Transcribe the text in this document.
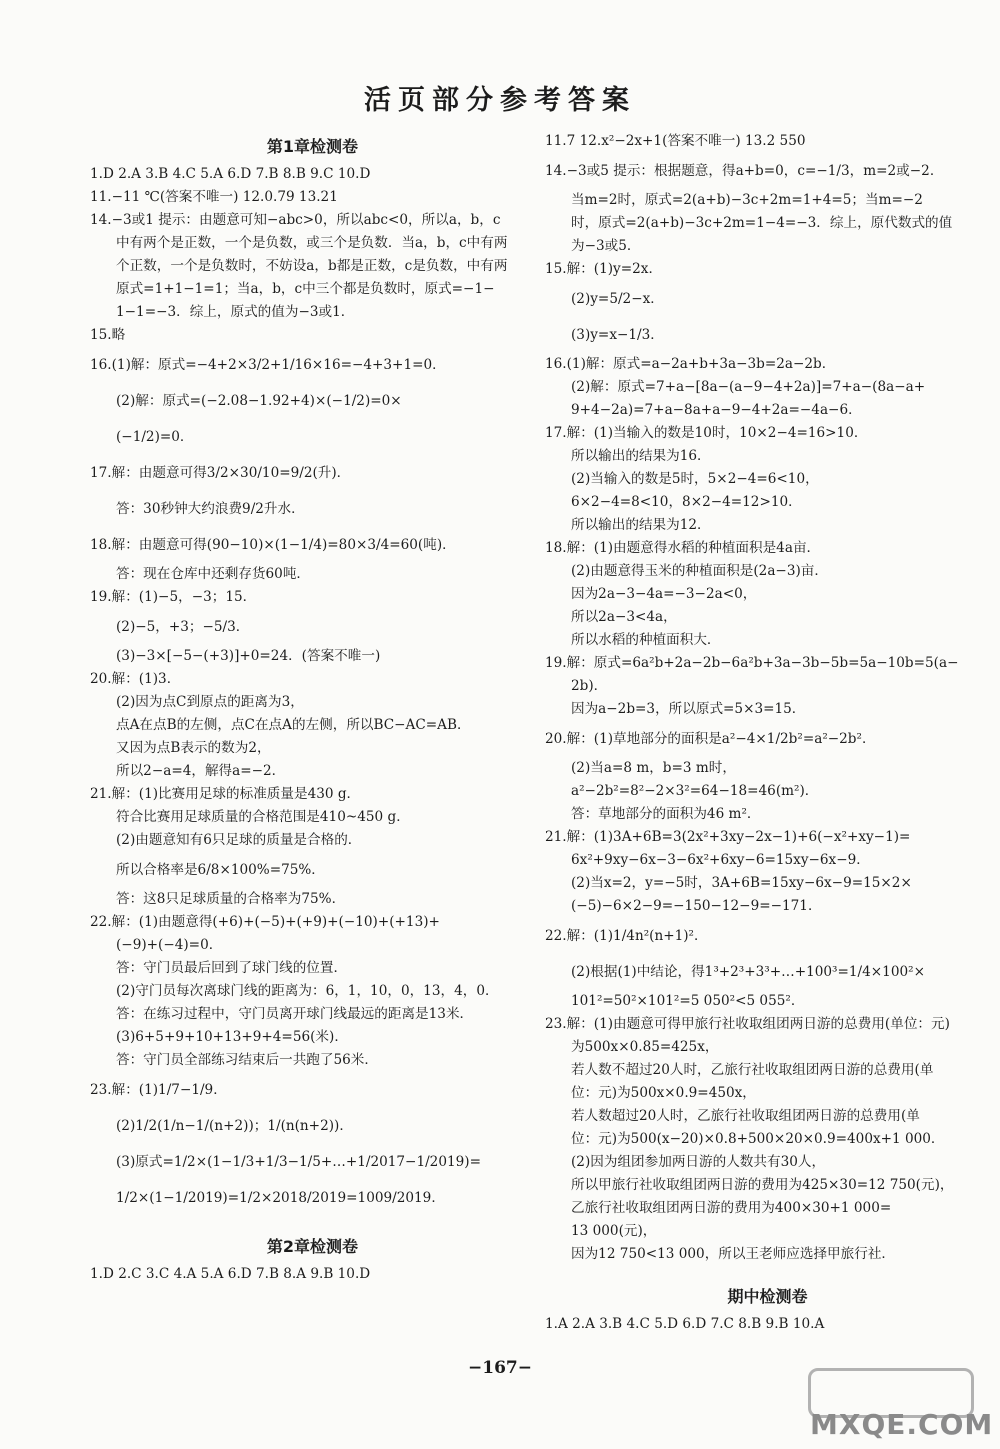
活页部分参考答案
第1章检测卷
1.D 2.A 3.B 4.C 5.A 6.D 7.B 8.B 9.C 10.D
11.−11 ℃(答案不唯一) 12.0.79 13.21
14.−3或1 提示：由题意可知−abc>0，所以abc<0，所以a，b，c
中有两个是正数，一个是负数，或三个是负数．当a，b，c中有两
个正数，一个是负数时，不妨设a，b都是正数，c是负数，中有两
原式=1+1−1=1；当a，b，c中三个都是负数时，原式=−1−
1−1=−3．综上，原式的值为−3或1．
15.略
16.(1)解：原式=−4+2×3/2+1/16×16=−4+3+1=0．
(2)解：原式=(−2.08−1.92+4)×(−1/2)=0×
(−1/2)=0．
17.解：由题意可得3/2×30/10=9/2(升)．
答：30秒钟大约浪费9/2升水．
18.解：由题意可得(90−10)×(1−1/4)=80×3/4=60(吨)．
答：现在仓库中还剩存货60吨．
19.解：(1)−5，−3；15．
(2)−5，+3；−5/3．
(3)−3×[−5−(+3)]+0=24．(答案不唯一)
20.解：(1)3．
(2)因为点C到原点的距离为3，
点A在点B的左侧，点C在点A的左侧，所以BC−AC=AB．
又因为点B表示的数为2，
所以2−a=4，解得a=−2．
21.解：(1)比赛用足球的标准质量是430 g．
符合比赛用足球质量的合格范围是410~450 g．
(2)由题意知有6只足球的质量是合格的．
所以合格率是6/8×100%=75%．
答：这8只足球质量的合格率为75%．
22.解：(1)由题意得(+6)+(−5)+(+9)+(−10)+(+13)+
(−9)+(−4)=0．
答：守门员最后回到了球门线的位置．
(2)守门员每次离球门线的距离为：6，1，10，0，13，4，0．
答：在练习过程中，守门员离开球门线最远的距离是13米．
(3)6+5+9+10+13+9+4=56(米)．
答：守门员全部练习结束后一共跑了56米．
23.解：(1)1/7−1/9．
(2)1/2(1/n−1/(n+2))；1/(n(n+2))．
(3)原式=1/2×(1−1/3+1/3−1/5+…+1/2017−1/2019)=
1/2×(1−1/2019)=1/2×2018/2019=1009/2019．
第2章检测卷
1.D 2.C 3.C 4.A 5.A 6.D 7.B 8.A 9.B 10.D
11.7 12.x²−2x+1(答案不唯一) 13.2 550
14.−3或5 提示：根据题意，得a+b=0，c=−1/3，m=2或−2．
当m=2时，原式=2(a+b)−3c+2m=1+4=5；当m=−2
时，原式=2(a+b)−3c+2m=1−4=−3．综上，原代数式的值
为−3或5．
15.解：(1)y=2x．
(2)y=5/2−x．
(3)y=x−1/3．
16.(1)解：原式=a−2a+b+3a−3b=2a−2b．
(2)解：原式=7+a−[8a−(a−9−4+2a)]=7+a−(8a−a+
9+4−2a)=7+a−8a+a−9−4+2a=−4a−6．
17.解：(1)当输入的数是10时，10×2−4=16>10．
所以输出的结果为16．
(2)当输入的数是5时，5×2−4=6<10，
6×2−4=8<10，8×2−4=12>10．
所以输出的结果为12．
18.解：(1)由题意得水稻的种植面积是4a亩．
(2)由题意得玉米的种植面积是(2a−3)亩．
因为2a−3−4a=−3−2a<0，
所以2a−3<4a，
所以水稻的种植面积大．
19.解：原式=6a²b+2a−2b−6a²b+3a−3b−5b=5a−10b=5(a−
2b)．
因为a−2b=3，所以原式=5×3=15．
20.解：(1)草地部分的面积是a²−4×1/2b²=a²−2b²．
(2)当a=8 m，b=3 m时，
a²−2b²=8²−2×3²=64−18=46(m²)．
答：草地部分的面积为46 m²．
21.解：(1)3A+6B=3(2x²+3xy−2x−1)+6(−x²+xy−1)=
6x²+9xy−6x−3−6x²+6xy−6=15xy−6x−9．
(2)当x=2，y=−5时，3A+6B=15xy−6x−9=15×2×
(−5)−6×2−9=−150−12−9=−171．
22.解：(1)1/4n²(n+1)²．
(2)根据(1)中结论，得1³+2³+3³+…+100³=1/4×100²×
101²=50²×101²=5 050²<5 055²．
23.解：(1)由题意可得甲旅行社收取组团两日游的总费用(单位：元)
为500x×0.85=425x，
若人数不超过20人时，乙旅行社收取组团两日游的总费用(单
位：元)为500x×0.9=450x，
若人数超过20人时，乙旅行社收取组团两日游的总费用(单
位：元)为500(x−20)×0.8+500×20×0.9=400x+1 000．
(2)因为组团参加两日游的人数共有30人，
所以甲旅行社收取组团两日游的费用为425×30=12 750(元)，
乙旅行社收取组团两日游的费用为400×30+1 000=
13 000(元)，
因为12 750<13 000，所以王老师应选择甲旅行社．
期中检测卷
1.A 2.A 3.B 4.C 5.D 6.D 7.C 8.B 9.B 10.A
−167−
MXQE.COM
